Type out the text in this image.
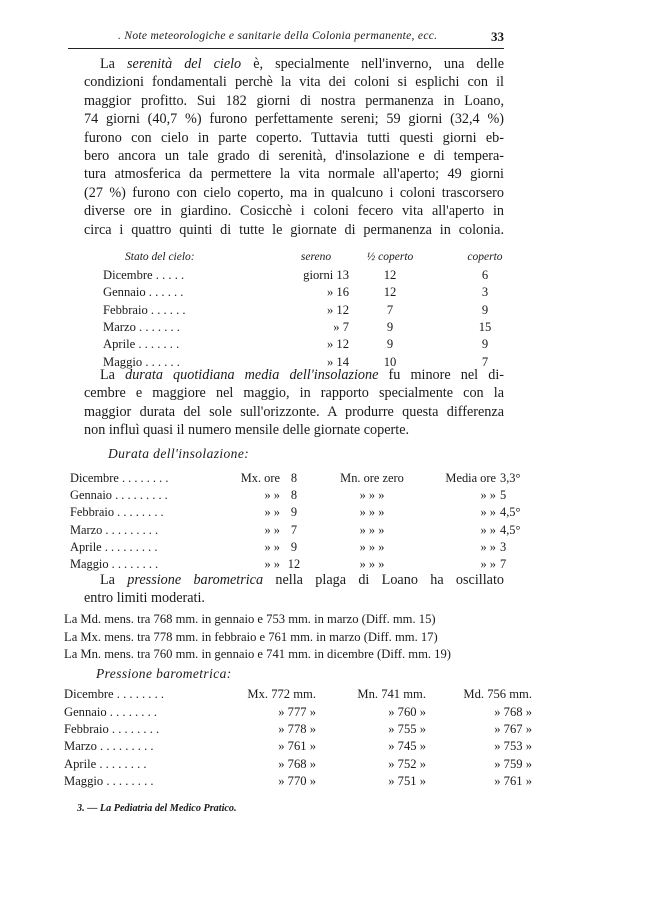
. Note meteorologiche e sanitarie della Colonia permanente, ecc.	33
La serenità del cielo è, specialmente nell'inverno, una delle
condizioni fondamentali perchè la vita dei coloni si esplichi con il
maggior profitto. Sui 182 giorni di nostra permanenza in Loano,
74 giorni (40,7 %) furono perfettamente sereni; 59 giorni (32,4 %)
furono con cielo in parte coperto. Tuttavia tutti questi giorni eb-
bero ancora un tale grado di serenità, d'insolazione e di tempera-
tura atmosferica da permettere la vita normale all'aperto; 49 giorni
(27 %) furono con cielo coperto, ma in qualcuno i coloni trascorsero
diverse ore in giardino. Cosicchè i coloni fecero vita all'aperto in
circa i quattro quinti di tutte le giornate di permanenza in colonia.
Stato del cielo:	sereno	½ coperto	coperto
Dicembre . . . . .	giorni 13	12	6
Gennaio . . . . . .	» 16	12	3
Febbraio . . . . . .	» 12	7	9
Marzo . . . . . . .	» 7	9	15
Aprile . . . . . . .	» 12	9	9
Maggio . . . . . .	» 14	10	7
La durata quotidiana media dell'insolazione fu minore nel di-
cembre e maggiore nel maggio, in rapporto specialmente con la
maggior durata del sole sull'orizzonte. A produrre questa differenza
non influì quasi il numero mensile delle giornate coperte.
Durata dell'insolazione:
Dicembre . . . . . . . .	Mx. ore	8	Mn. ore zero	Media ore	3,3°
Gennaio . . . . . . . . .	» »	8	» » »	» »	5
Febbraio . . . . . . . .	» »	9	» » »	» »	4,5°
Marzo . . . . . . . . .	» »	7	» » »	» »	4,5°
Aprile . . . . . . . . .	» »	9	» » »	» »	3
Maggio . . . . . . . .	» »	12	» » »	» »	7
La pressione barometrica nella plaga di Loano ha oscillato
entro limiti moderati.
La Md. mens. tra 768 mm. in gennaio e 753 mm. in marzo (Diff. mm. 15)
La Mx. mens. tra 778 mm. in febbraio e 761 mm. in marzo (Diff. mm. 17)
La Mn. mens. tra 760 mm. in gennaio e 741 mm. in dicembre (Diff. mm. 19)
Pressione barometrica:
Dicembre . . . . . . . .	Mx. 772 mm.	Mn. 741 mm.	Md. 756 mm.
Gennaio . . . . . . . .	» 777 »	» 760 »	» 768 »
Febbraio . . . . . . . .	» 778 »	» 755 »	» 767 »
Marzo . . . . . . . . .	» 761 »	» 745 »	» 753 »
Aprile . . . . . . . .	» 768 »	» 752 »	» 759 »
Maggio . . . . . . . .	» 770 »	» 751 »	» 761 »
3. — La Pediatria del Medico Pratico.
